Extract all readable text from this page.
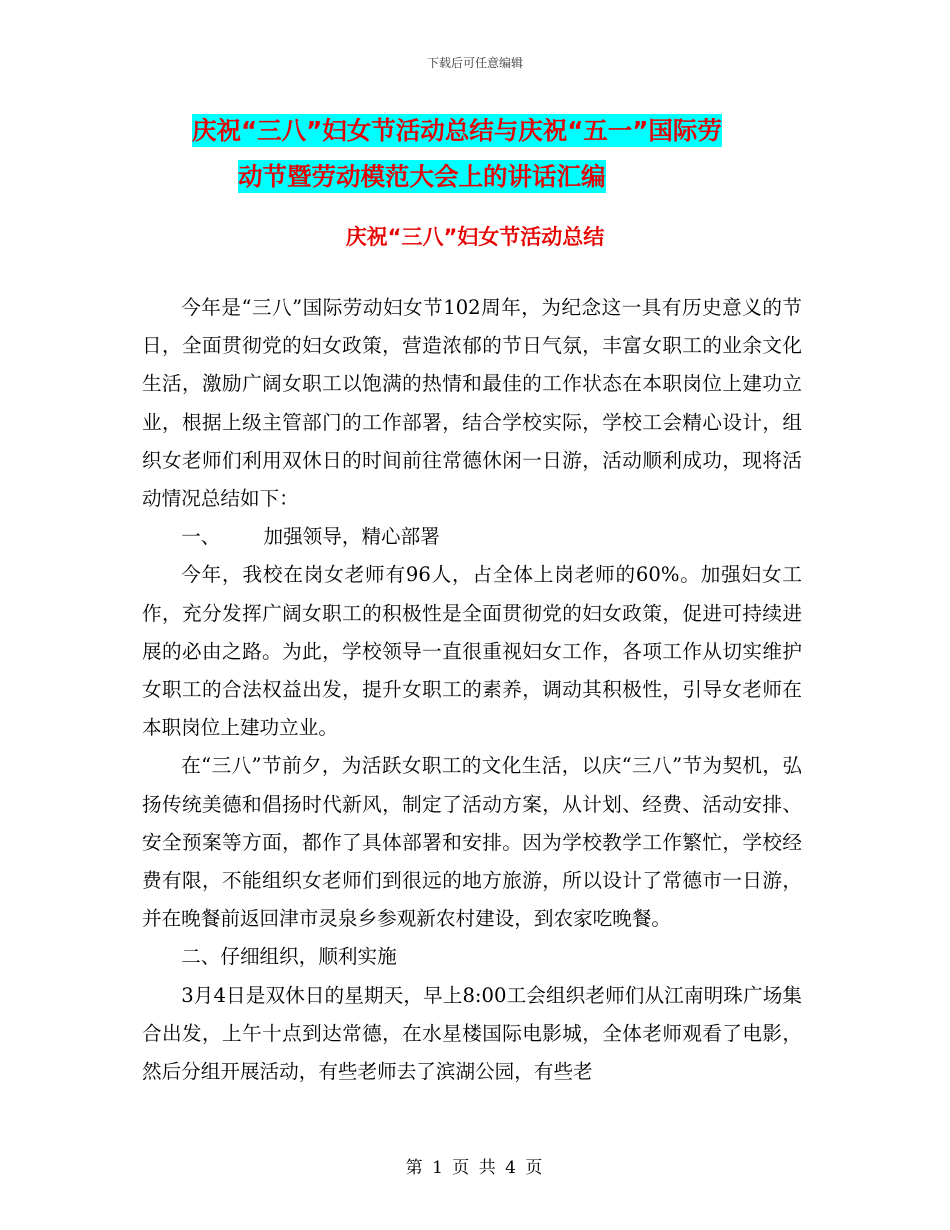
下载后可任意编辑
庆祝“三八”妇女节活动总结与庆祝“五一”国际劳
动节暨劳动模范大会上的讲话汇编
庆祝“三八”妇女节活动总结

今年是“三八”国际劳动妇女节102周年，为纪念这一具有历史意义的节日，全面贯彻党的妇女政策，营造浓郁的节日气氛，丰富女职工的业余文化生活，激励广阔女职工以饱满的热情和最佳的工作状态在本职岗位上建功立业，根据上级主管部门的工作部署，结合学校实际，学校工会精心设计，组织女老师们利用双休日的时间前往常德休闲一日游，活动顺利成功，现将活动情况总结如下：

一、 加强领导，精心部署

今年，我校在岗女老师有96人，占全体上岗老师的60%。加强妇女工作，充分发挥广阔女职工的积极性是全面贯彻党的妇女政策，促进可持续进展的必由之路。为此，学校领导一直很重视妇女工作，各项工作从切实维护女职工的合法权益出发，提升女职工的素养，调动其积极性，引导女老师在本职岗位上建功立业。

在“三八”节前夕，为活跃女职工的文化生活，以庆“三八”节为契机，弘扬传统美德和倡扬时代新风，制定了活动方案，从计划、经费、活动安排、安全预案等方面，都作了具体部署和安排。因为学校教学工作繁忙，学校经费有限，不能组织女老师们到很远的地方旅游，所以设计了常德市一日游，并在晚餐前返回津市灵泉乡参观新农村建设，到农家吃晚餐。

二、仔细组织，顺利实施

3月4日是双休日的星期天，早上8:00工会组织老师们从江南明珠广场集合出发，上午十点到达常德，在水星楼国际电影城，全体老师观看了电影，然后分组开展活动，有些老师去了滨湖公园，有些老

第 1 页 共 4 页
